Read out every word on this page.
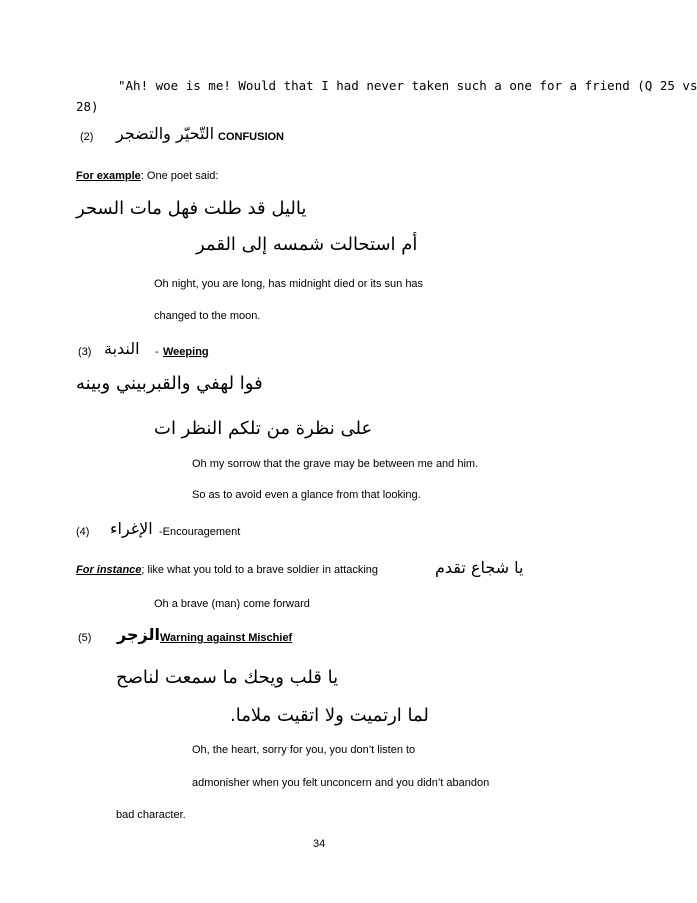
"Ah! woe is me! Would that I had never taken such a one for a friend (Q 25 vs
28)
(2) التّحيّر والتضجر CONFUSION
For example: One poet said:
ياليل قد طلت فهل مات السحر
أم استحالت شمسه إلى القمر
Oh night, you are long, has midnight died or its sun has
changed to the moon.
(3) الندبة - Weeping
فوا لهفي والقبربيني وبينه
على نظرة من تلكم النظر ات
Oh my sorrow that the grave may be between me and him.
So as to avoid even a glance from that looking.
(4) الإغراء -Encouragement
For instance; like what you told to a brave soldier in attacking	يا شجاع تقدم
Oh a brave (man) come forward
(5) الزجر Warning against Mischief
يا قلب ويحك ما سمعت لناصح
لما ارتميت ولا اتقيت ملاما.
Oh, the heart, sorry for you, you don’t listen to
admonisher when you felt unconcern and you didn’t abandon
bad character.
34
